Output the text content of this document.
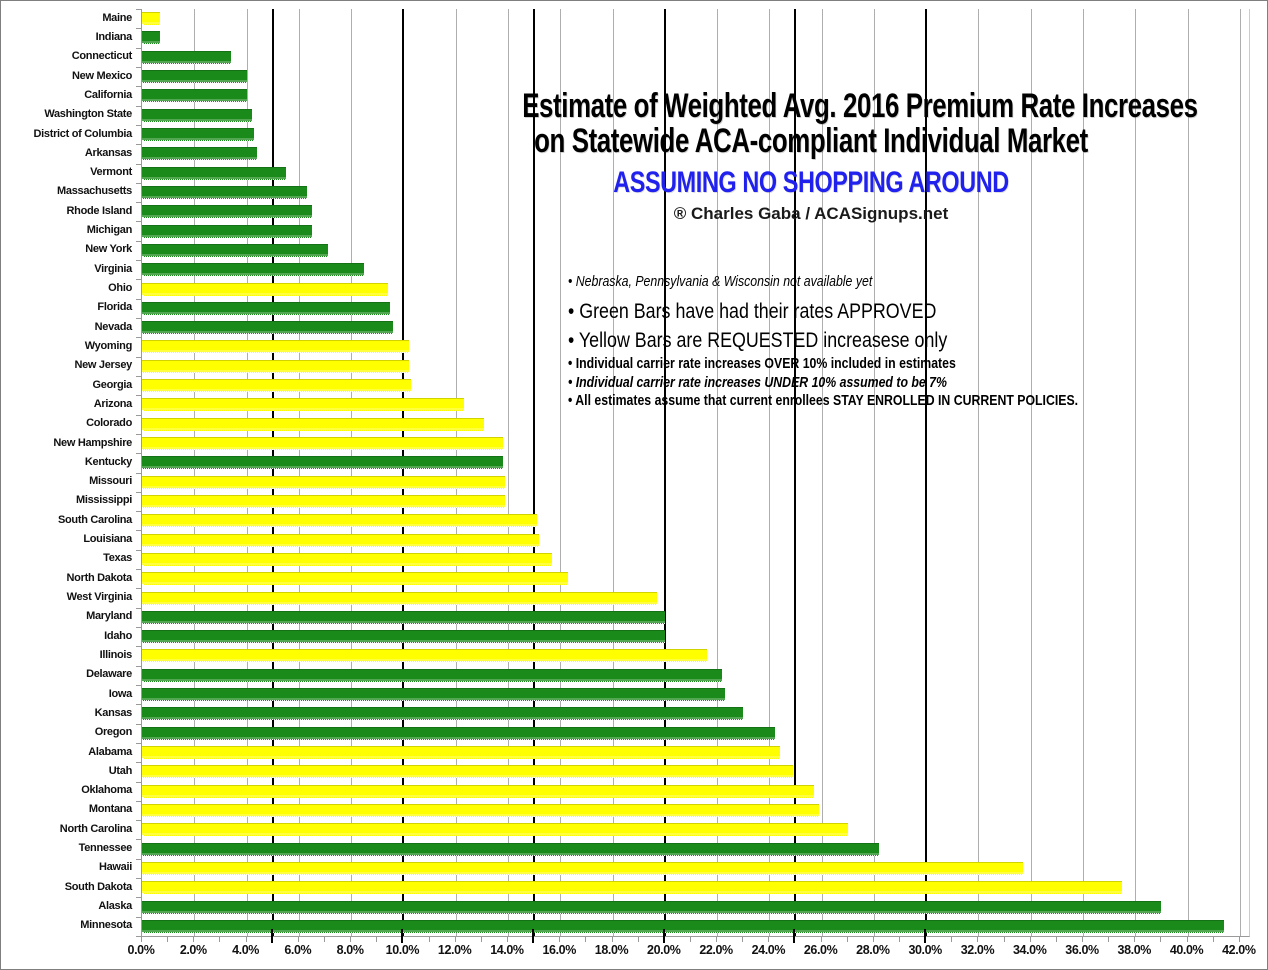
Estimate of Weighted Avg. 2016 Premium Rate Increases
on Statewide ACA-compliant Individual Market
ASSUMING NO SHOPPING AROUND
® Charles Gaba / ACASignups.net
• Nebraska, Pennsylvania & Wisconsin not available yet
• Green Bars have had their rates APPROVED
• Yellow Bars are REQUESTED increasese only
• Individual carrier rate increases OVER 10% included in estimates
• Individual carrier rate increases UNDER 10% assumed to be 7%
• All estimates assume that current enrollees STAY ENROLLED IN CURRENT POLICIES.
Maine
Indiana
Connecticut
New Mexico
California
Washington State
District of Columbia
Arkansas
Vermont
Massachusetts
Rhode Island
Michigan
New York
Virginia
Ohio
Florida
Nevada
Wyoming
New Jersey
Georgia
Arizona
Colorado
New Hampshire
Kentucky
Missouri
Mississippi
South Carolina
Louisiana
Texas
North Dakota
West Virginia
Maryland
Idaho
Illinois
Delaware
Iowa
Kansas
Oregon
Alabama
Utah
Oklahoma
Montana
North Carolina
Tennessee
Hawaii
South Dakota
Alaska
Minnesota
0.0%	2.0%	4.0%	6.0%	8.0%	10.0%	12.0%	14.0%	16.0%	18.0%	20.0%	22.0%	24.0%	26.0%	28.0%	30.0%	32.0%	34.0%	36.0%	38.0%	40.0%	42.0%
